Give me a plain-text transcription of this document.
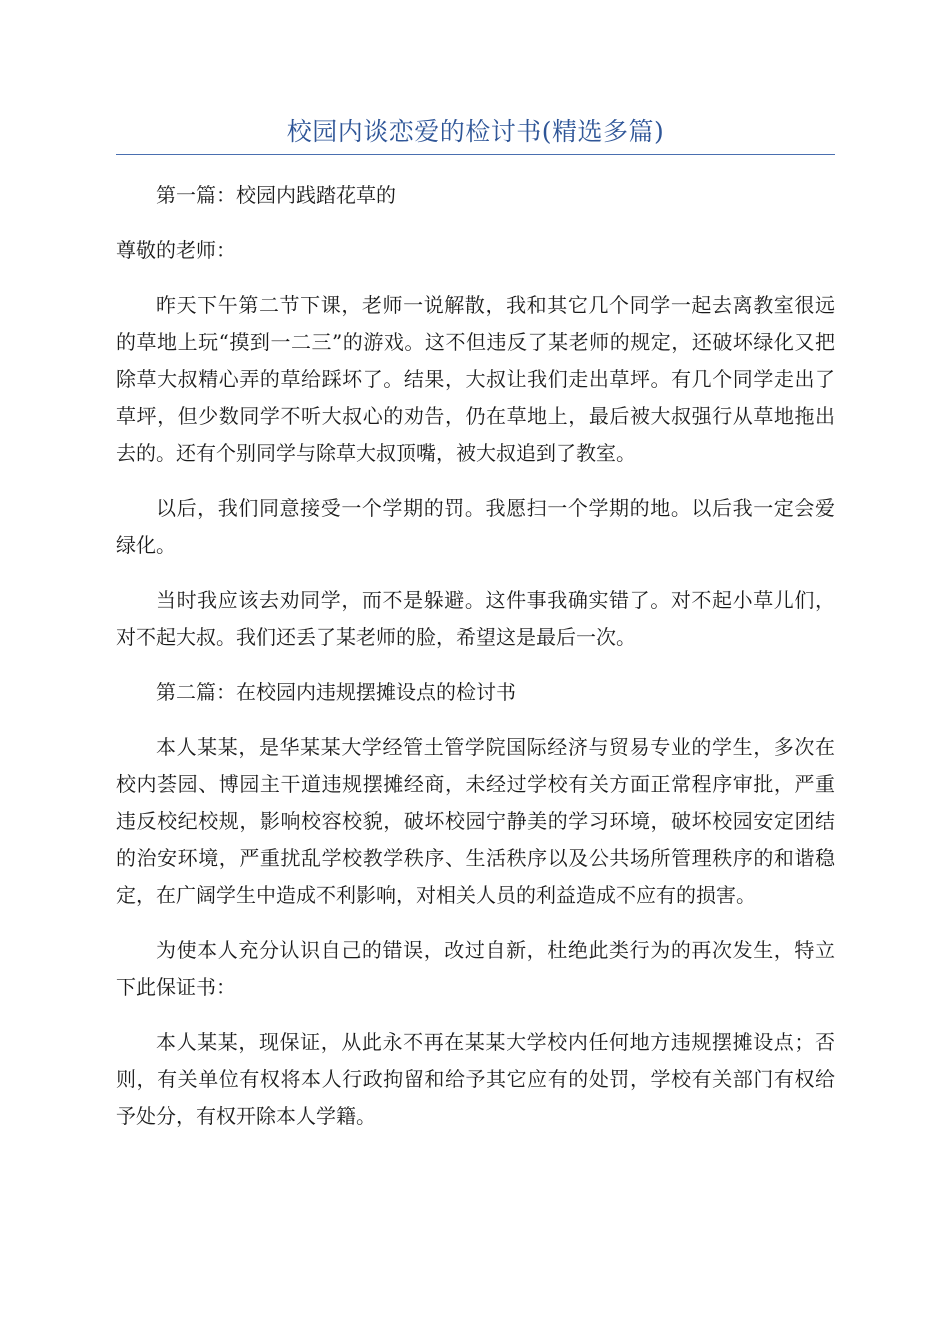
校园内谈恋爱的检讨书(精选多篇)

第一篇：校园内践踏花草的

尊敬的老师：

昨天下午第二节下课，老师一说解散，我和其它几个同学一起去离教室很远的草地上玩“摸到一二三”的游戏。这不但违反了某老师的规定，还破坏绿化又把除草大叔精心弄的草给踩坏了。结果，大叔让我们走出草坪。有几个同学走出了草坪，但少数同学不听大叔心的劝告，仍在草地上，最后被大叔强行从草地拖出去的。还有个别同学与除草大叔顶嘴，被大叔追到了教室。

以后，我们同意接受一个学期的罚。我愿扫一个学期的地。以后我一定会爱绿化。

当时我应该去劝同学，而不是躲避。这件事我确实错了。对不起小草儿们，对不起大叔。我们还丢了某老师的脸，希望这是最后一次。

第二篇：在校园内违规摆摊设点的检讨书

本人某某，是华某某大学经管土管学院国际经济与贸易专业的学生，多次在校内荟园、博园主干道违规摆摊经商，未经过学校有关方面正常程序审批，严重违反校纪校规，影响校容校貌，破坏校园宁静美的学习环境，破坏校园安定团结的治安环境，严重扰乱学校教学秩序、生活秩序以及公共场所管理秩序的和谐稳定，在广阔学生中造成不利影响，对相关人员的利益造成不应有的损害。

为使本人充分认识自己的错误，改过自新，杜绝此类行为的再次发生，特立下此保证书：

本人某某，现保证，从此永不再在某某大学校内任何地方违规摆摊设点；否则，有关单位有权将本人行政拘留和给予其它应有的处罚，学校有关部门有权给予处分，有权开除本人学籍。
